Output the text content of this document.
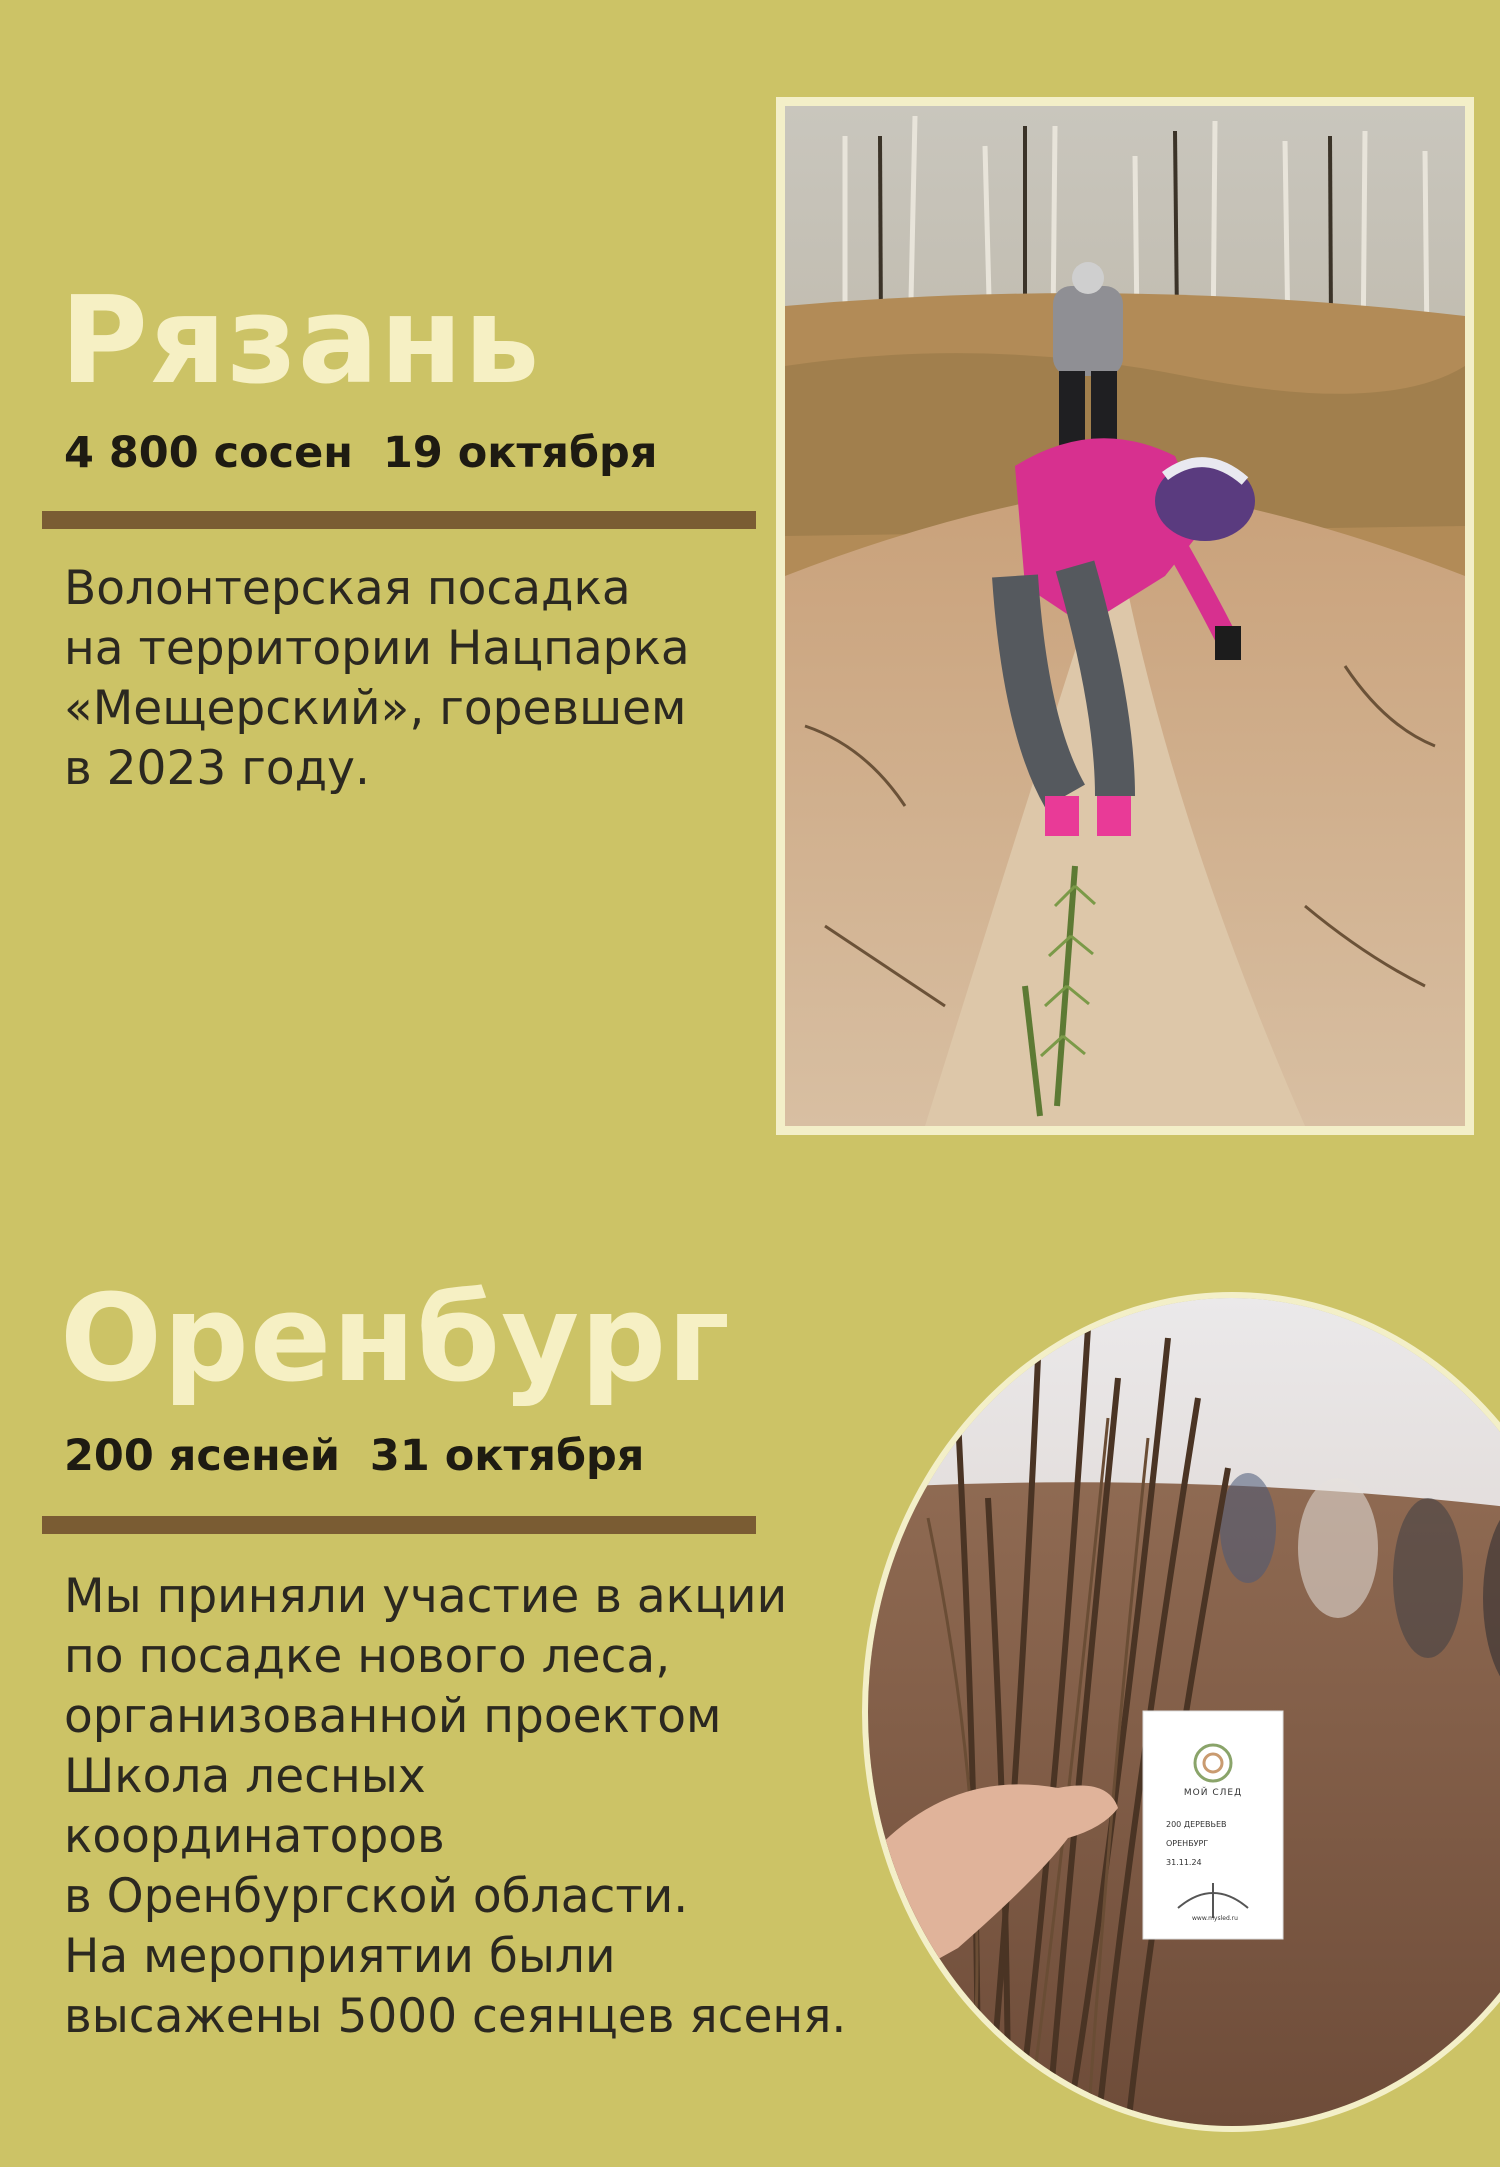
Рязань
4 800 сосен  19 октября

Волонтерская посадка
на территории Нацпарка
«Мещерский», горевшем
в 2023 году.

Оренбург
200 ясеней  31 октября

Мы приняли участие в акции
по посадке нового леса,
организованной проектом
Школа лесных
координаторов
в Оренбургской области.
На мероприятии были
высажены 5000 сеянцев ясеня.

МОЙ СЛЕД
200 ДЕРЕВЬЕВ
ОРЕНБУРГ
31.11.24
www.mysled.ru
